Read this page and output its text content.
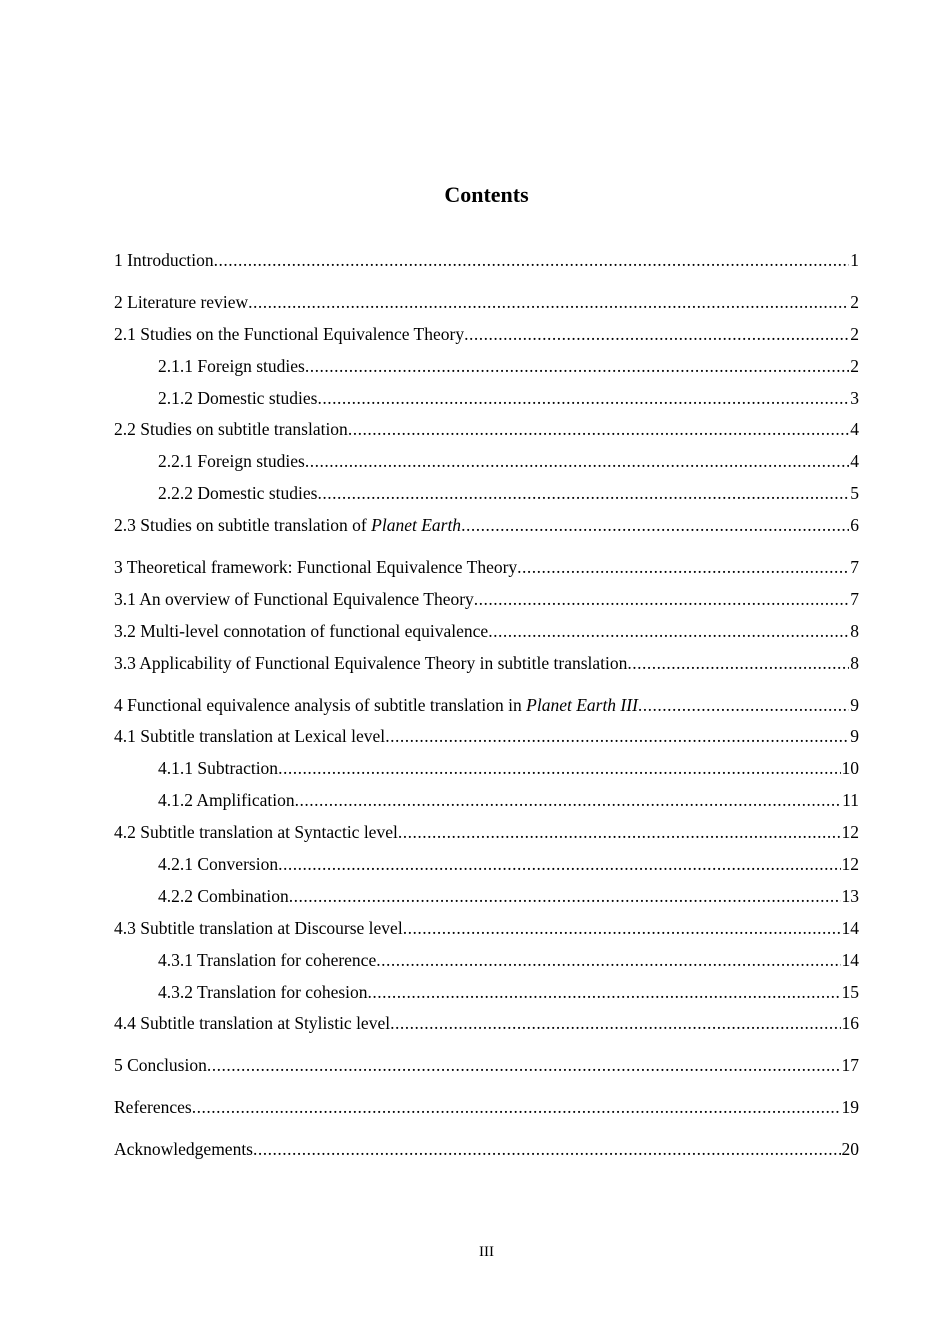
Contents
1 Introduction .....	1
2 Literature review .....	2
2.1 Studies on the Functional Equivalence Theory .....	2
2.1.1 Foreign studies .....	2
2.1.2 Domestic studies .....	3
2.2 Studies on subtitle translation .....	4
2.2.1 Foreign studies .....	4
2.2.2 Domestic studies .....	5
2.3 Studies on subtitle translation of Planet Earth .....	6
3 Theoretical framework: Functional Equivalence Theory .....	7
3.1 An overview of Functional Equivalence Theory .....	7
3.2 Multi-level connotation of functional equivalence .....	8
3.3 Applicability of Functional Equivalence Theory in subtitle translation .....	8
4 Functional equivalence analysis of subtitle translation in Planet Earth III .....	9
4.1 Subtitle translation at Lexical level .....	9
4.1.1 Subtraction .....	10
4.1.2 Amplification .....	11
4.2 Subtitle translation at Syntactic level .....	12
4.2.1 Conversion .....	12
4.2.2 Combination .....	13
4.3 Subtitle translation at Discourse level .....	14
4.3.1 Translation for coherence .....	14
4.3.2 Translation for cohesion .....	15
4.4 Subtitle translation at Stylistic level .....	16
5 Conclusion .....	17
References .....	19
Acknowledgements .....	20
III
